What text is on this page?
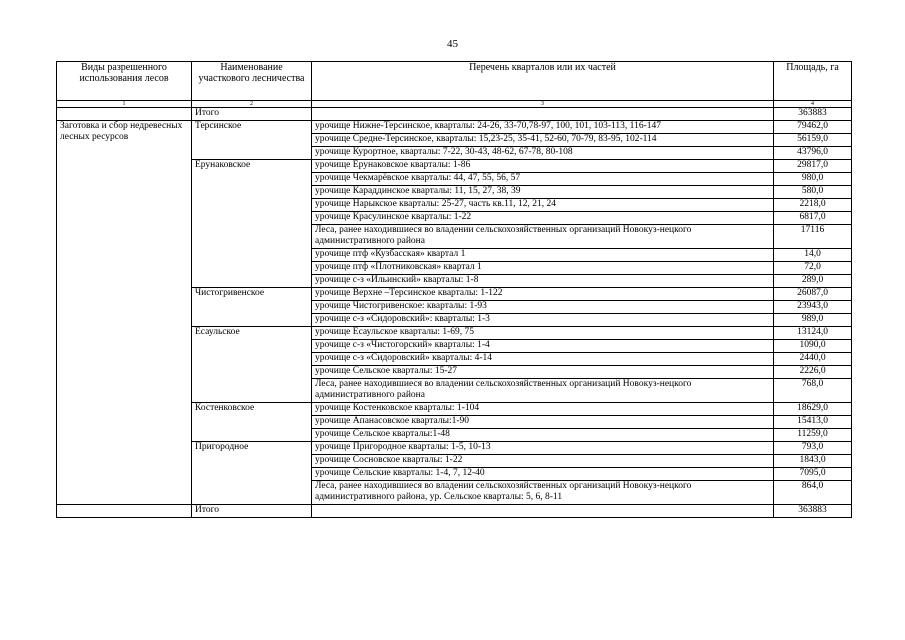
45
Виды разрешенного использования лесов	Наименование участкового лесничества	Перечень кварталов или их частей	Площадь, га
1	2	3	4
	Итого		363883
Заготовка и сбор недревесных лесных ресурсов	Терсинское	урочище Нижне-Терсинское, кварталы: 24-26, 33-70,78-97, 100, 101, 103-113, 116-147	79462,0
		урочище Средне-Терсинское, кварталы: 15,23-25, 35-41, 52-60, 70-79, 83-95, 102-114	56159,0
		урочище Курортное, кварталы: 7-22, 30-43, 48-62, 67-78, 80-108	43796,0
	Ерунаковское	урочище Ерунаковское кварталы: 1-86	29817,0
		урочище Чекмарёвское кварталы: 44, 47, 55, 56, 57	980,0
		урочище Караддинское кварталы: 11, 15, 27, 38, 39	580,0
		урочище Нарыкское кварталы: 25-27, часть кв.11, 12, 21, 24	2218,0
		урочище Красулинское кварталы: 1-22	6817,0
		Леса, ранее находившиеся во владении сельскохозяйственных организаций Новокуз-нецкого административного района	17116
		урочище птф «Кузбасская» квартал 1	14,0
		урочище птф «Плотниковская» квартал 1	72,0
		урочище с-з «Ильинский» кварталы: 1-8	289,0
	Чистогривенское	урочище Верхне –Терсинское кварталы: 1-122	26087,0
		урочище Чистогривенское: кварталы: 1-93	23943,0
		урочище с-з «Сидоровский»: кварталы: 1-3	989,0
	Есаульское	урочище Есаульское кварталы: 1-69, 75	13124,0
		урочище с-з «Чистогорский» кварталы: 1-4	1090,0
		урочище с-з «Сидоровский» кварталы: 4-14	2440,0
		урочище Сельское кварталы: 15-27	2226,0
		Леса, ранее находившиеся во владении сельскохозяйственных организаций Новокуз-нецкого административного района	768,0
	Костенковское	урочище Костенковское кварталы: 1-104	18629,0
		урочище Апанасовское кварталы:1-90	15413,0
		урочище Сельское кварталы:1-48	11259,0
	Пригородное	урочище Пригородное кварталы: 1-5, 10-13	793,0
		урочище Сосновское кварталы: 1-22	1843,0
		урочище Сельские кварталы: 1-4, 7, 12-40	7095,0
		Леса, ранее находившиеся во владении сельскохозяйственных организаций Новокуз-нецкого административного района, ур. Сельское кварталы: 5, 6, 8-11	864,0
	Итого		363883
